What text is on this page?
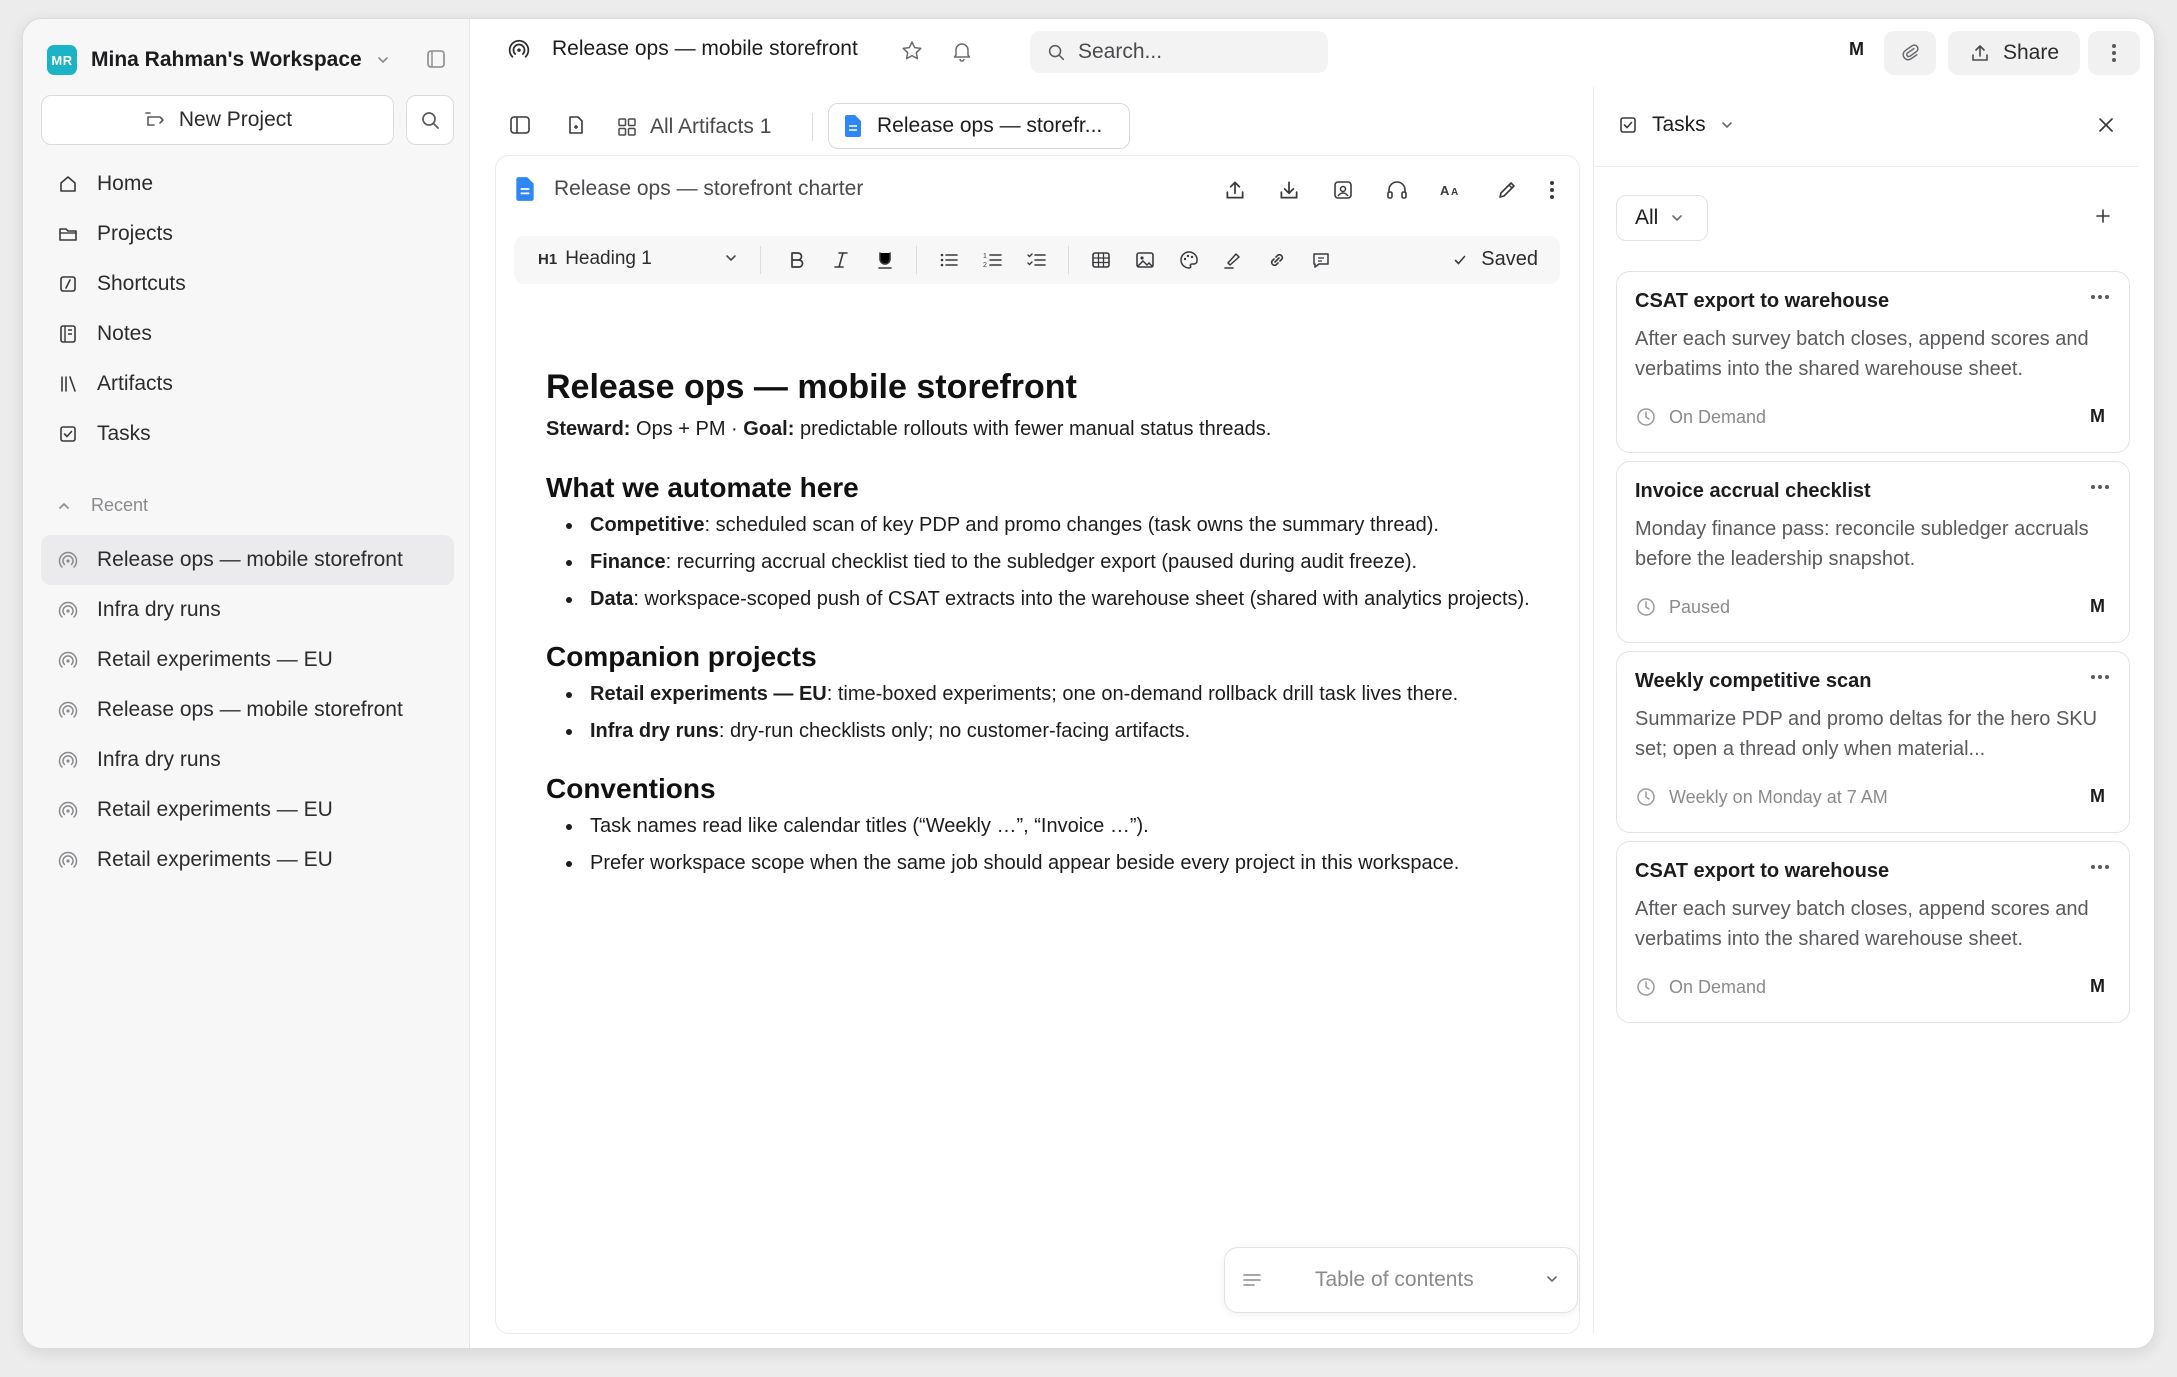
MR Mina Rahman's Workspace
New Project
Home
Projects
Shortcuts
Notes
Artifacts
Tasks
Recent
Release ops — mobile storefront
Infra dry runs
Retail experiments — EU
Release ops — mobile storefront
Infra dry runs
Retail experiments — EU
Retail experiments — EU
Release ops — mobile storefront	Search...	M	Share
All Artifacts 1	Release ops — storefr...
Release ops — storefront charter	A A
H1 Heading 1	1
2	Saved
Release ops — mobile storefront

Steward: Ops + PM · Goal: predictable rollouts with fewer manual status threads.

What we automate here
Competitive: scheduled scan of key PDP and promo changes (task owns the summary thread).
Finance: recurring accrual checklist tied to the subledger export (paused during audit freeze).
Data: workspace-scoped push of CSAT extracts into the warehouse sheet (shared with analytics projects).
Companion projects
Retail experiments — EU: time-boxed experiments; one on-demand rollback drill task lives there.
Infra dry runs: dry-run checklists only; no customer-facing artifacts.
Conventions
Task names read like calendar titles (“Weekly …”, “Invoice …”).
Prefer workspace scope when the same job should appear beside every project in this workspace.
Table of contents
Tasks
All
CSAT export to warehouse
After each survey batch closes, append scores and verbatims into the shared warehouse sheet.
On Demand	M
Invoice accrual checklist
Monday finance pass: reconcile subledger accruals before the leadership snapshot.
Paused	M
Weekly competitive scan
Summarize PDP and promo deltas for the hero SKU set; open a thread only when material...
Weekly on Monday at 7 AM	M
CSAT export to warehouse
After each survey batch closes, append scores and verbatims into the shared warehouse sheet.
On Demand	M
